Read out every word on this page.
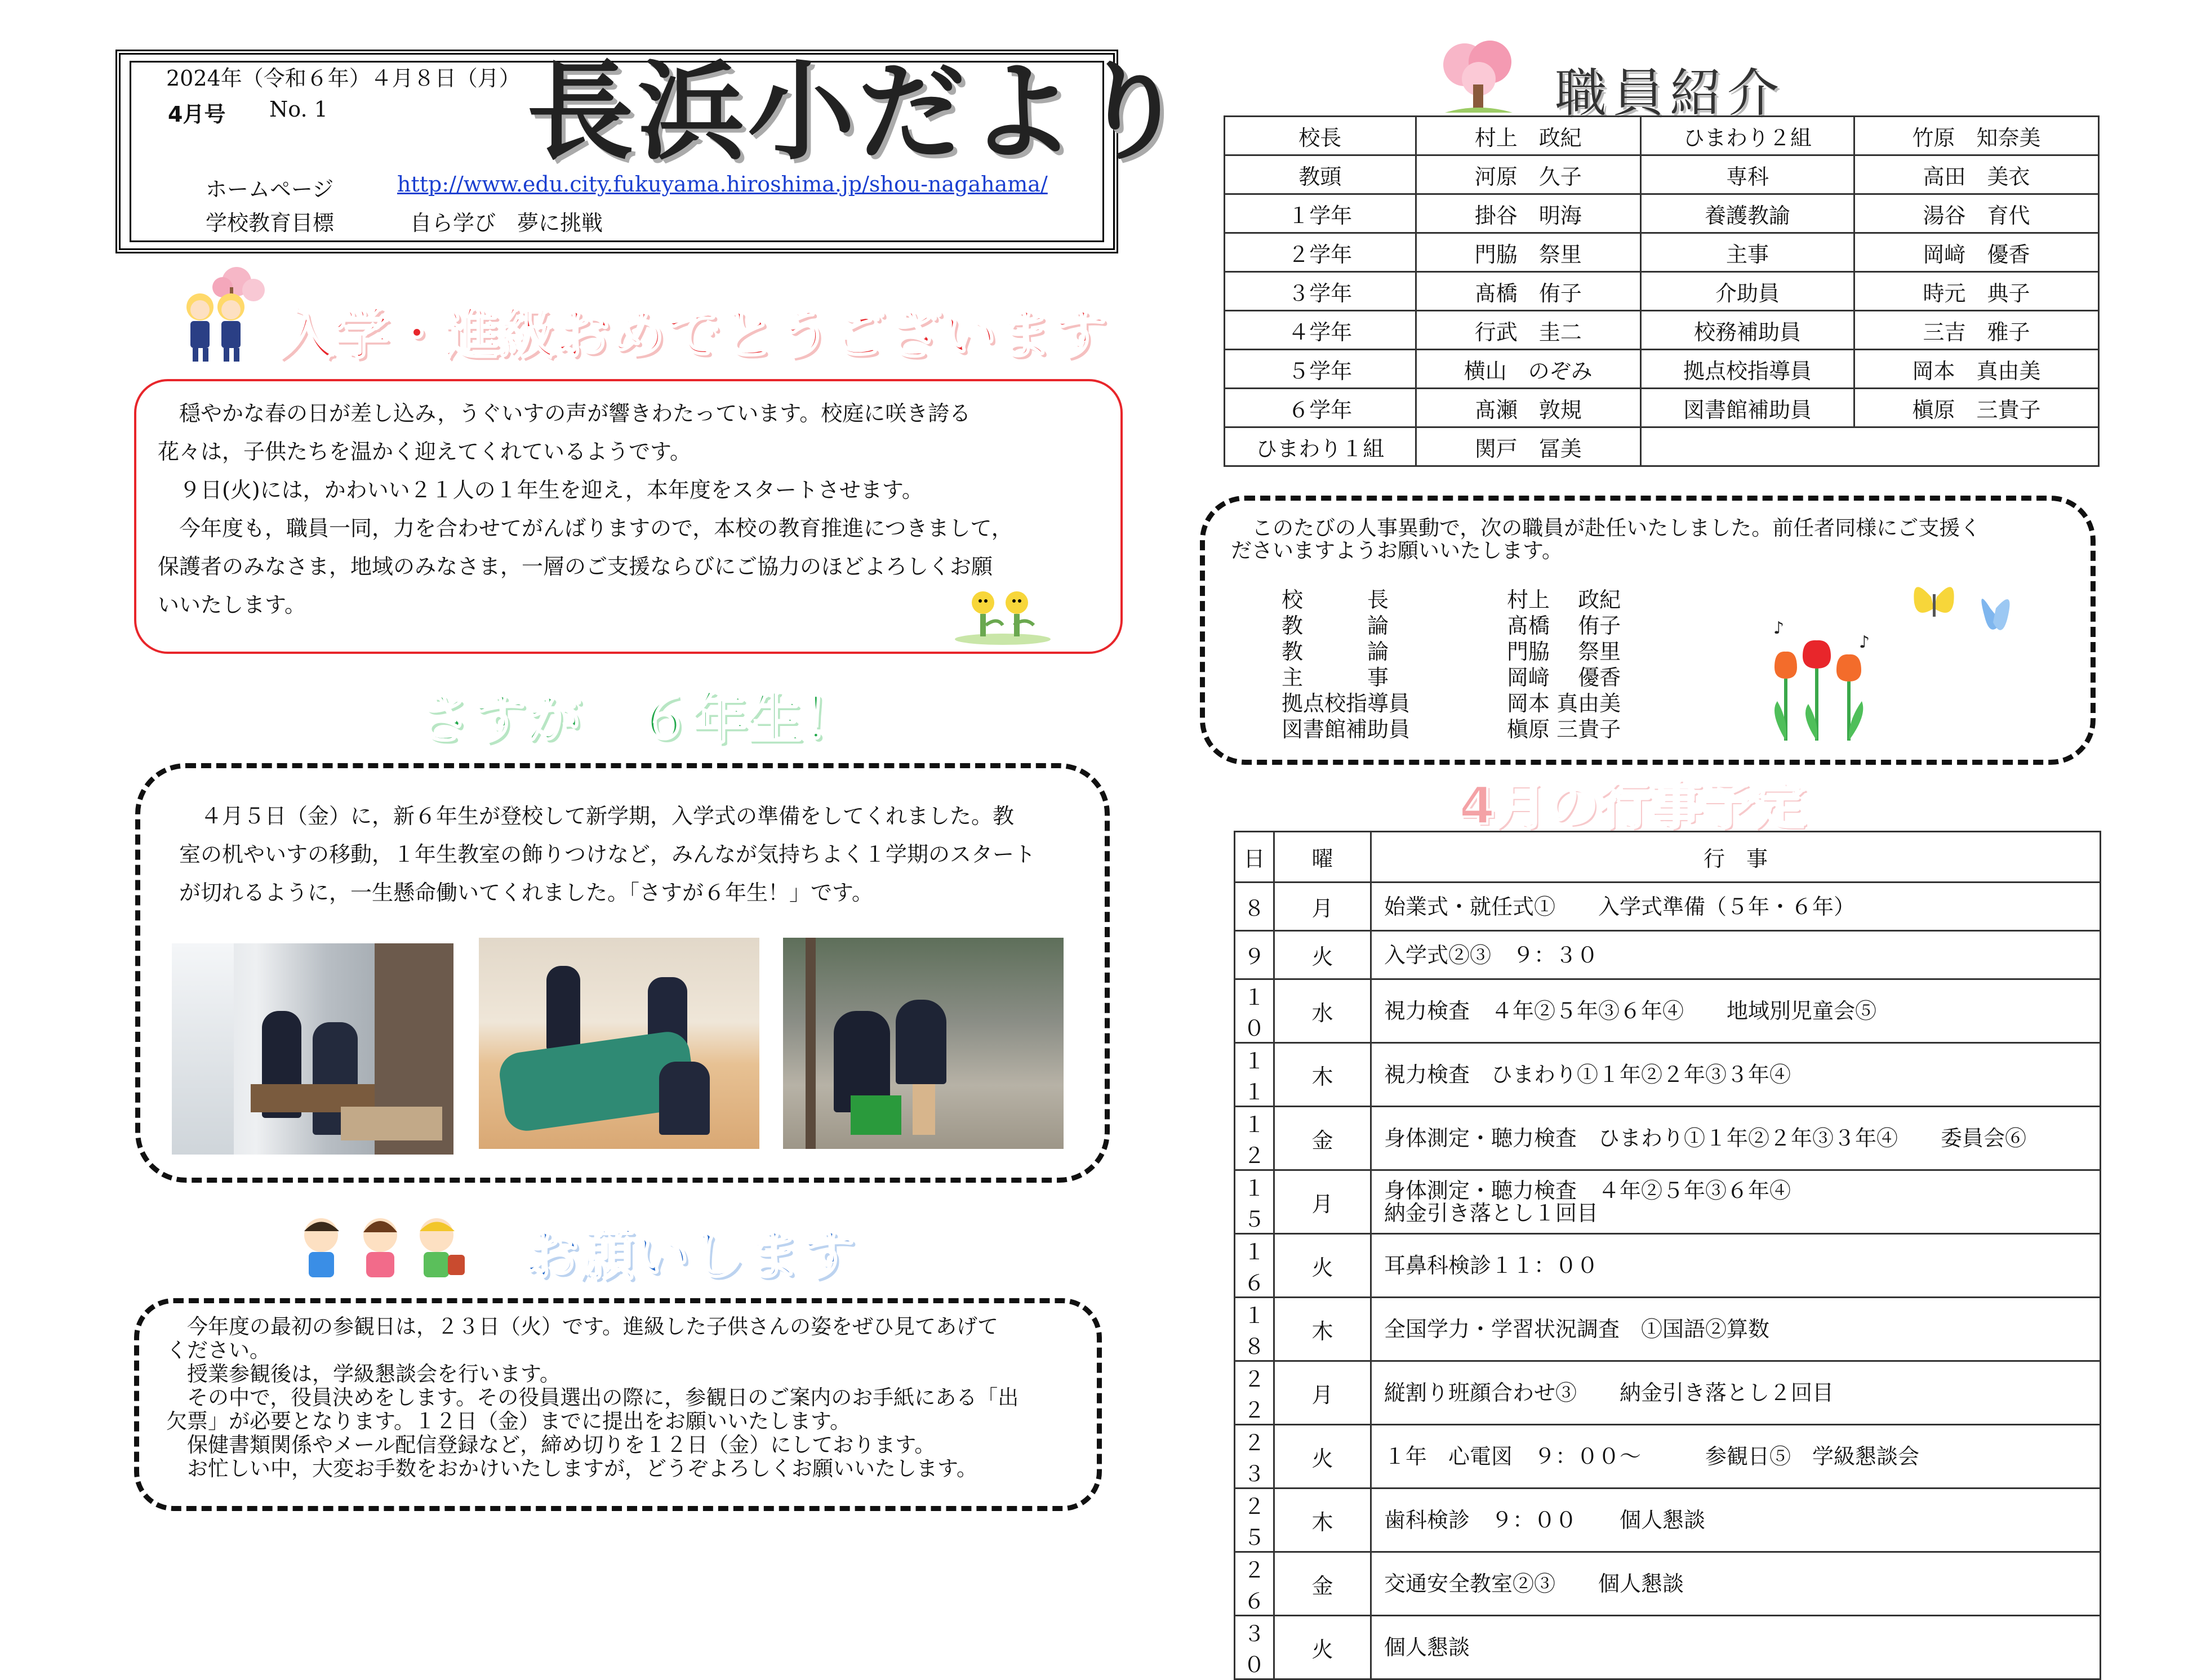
2024年（令和６年）４月８日（月）
4月号 No. 1 長浜小だより
ホームページ	http://www.edu.city.fukuyama.hiroshima.jp/shou-nagahama/
学校教育目標	自ら学び　夢に挑戦
入学・進級おめでとうございます
　穏やかな春の日が差し込み，うぐいすの声が響きわたっています。校庭に咲き誇る
花々は，子供たちを温かく迎えてくれているようです。
　９日(火)には，かわいい２１人の１年生を迎え，本年度をスタートさせます。
　今年度も，職員一同，力を合わせてがんばりますので，本校の教育推進につきまして，
保護者のみなさま，地域のみなさま，一層のご支援ならびにご協力のほどよろしくお願
いいたします。
さすが　６年生！
　４月５日（金）に，新６年生が登校して新学期，入学式の準備をしてくれました。教
室の机やいすの移動，１年生教室の飾りつけなど，みんなが気持ちよく１学期のスタート
が切れるように，一生懸命働いてくれました。「さすが６年生！」です。
お願いします
　今年度の最初の参観日は，２３日（火）です。進級した子供さんの姿をぜひ見てあげて
ください。
　授業参観後は，学級懇談会を行います。
　その中で，役員決めをします。その役員選出の際に，参観日のご案内のお手紙にある「出
欠票」が必要となります。１２日（金）までに提出をお願いいたします。
　保健書類関係やメール配信登録など，締め切りを１２日（金）にしております。
　お忙しい中，大変お手数をおかけいたしますが，どうぞよろしくお願いいたします。
職員紹介
校長	村上　政紀	ひまわり２組	竹原　知奈美
教頭	河原　久子	専科	高田　美衣
１学年	掛谷　明海	養護教諭	湯谷　育代
２学年	門脇　祭里	主事	岡﨑　優香
３学年	髙橋　侑子	介助員	時元　典子
４学年	行武　圭二	校務補助員	三吉　雅子
５学年	横山　のぞみ	拠点校指導員	岡本　真由美
６学年	髙瀬　敦規	図書館補助員	槇原　三貴子
ひまわり１組	関戸　冨美		
　このたびの人事異動で，次の職員が赴任いたしました。前任者同様にご支援く
ださいますようお願いいたします。
校　　　長	村上　 政紀
教　　　論	髙橋　 侑子
教　　　論	門脇　 祭里
主　　　事	岡﨑　 優香
拠点校指導員	岡本 真由美
図書館補助員	槇原 三貴子
♪
♪
4月の行事予定
日	曜	行　事
８	月	始業式・就任式①　　入学式準備（５年・６年）

９	火	入学式②③　９：３０

１０	水	視力検査　４年②５年③６年④　　地域別児童会⑤

１１	木	視力検査　ひまわり①１年②２年③３年④

１２	金	身体測定・聴力検査　ひまわり①１年②２年③３年④　　委員会⑥

１５	月	身体測定・聴力検査　４年②５年③６年④
納金引き落とし１回目

１６	火	耳鼻科検診１１：００

１８	木	全国学力・学習状況調査　①国語②算数

２２	月	縦割り班顔合わせ③　　納金引き落とし２回目

２３	火	１年　心電図　９：００～　　　参観日⑤　学級懇談会

２５	木	歯科検診　９：００　　個人懇談

２６	金	交通安全教室②③　　個人懇談

３０	火	個人懇談
